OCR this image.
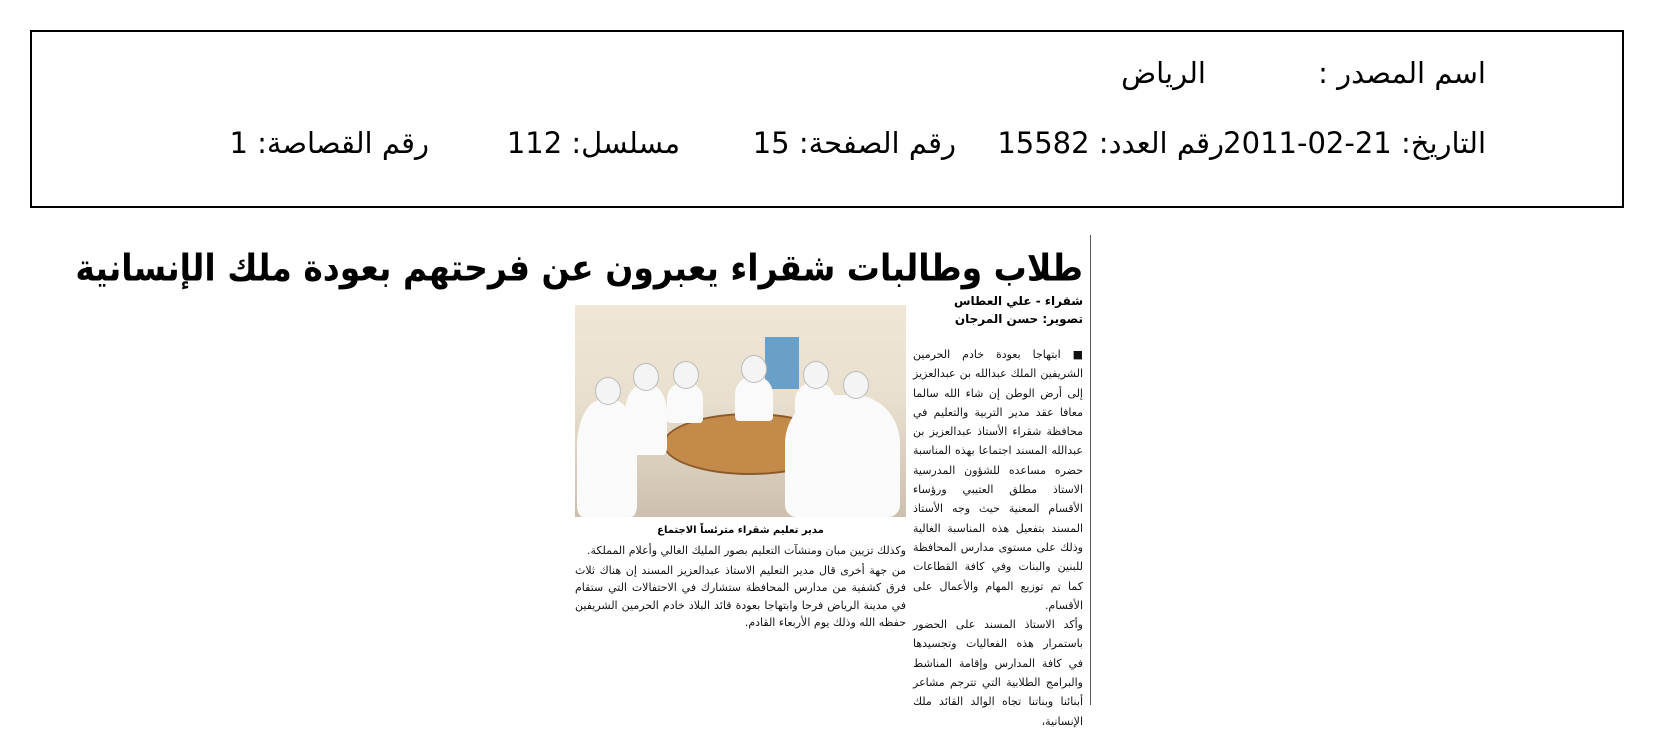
اسم المصدر :
الرياض
التاريخ: 21-02-2011
رقم العدد: 15582
رقم الصفحة: 15
مسلسل: 112
رقم القصاصة: 1
طلاب وطالبات شقراء يعبرون عن فرحتهم بعودة ملك الإنسانية
شقراء - علي العطاس
تصوير: حسن المرجان

■ ابتهاجا بعودة خادم الحرمين الشريفين الملك عبدالله بن عبدالعزيز إلى أرض الوطن إن شاء الله سالما معافا عقد مدير التربية والتعليم في محافظة شقراء الأستاذ عبدالعزيز بن عبدالله المسند اجتماعا بهذه المناسبة حضره مساعده للشؤون المدرسية الاستاذ مطلق العتيبي ورؤساء الأقسام المعنية حيث وجه الأستاذ المسند بتفعيل هذه المناسبة الغالية وذلك على مستوى مدارس المحافظة للبنين والبنات وفي كافة القطاعات كما تم توزيع المهام والأعمال على الأقسام.

وأكد الاستاذ المسند على الحضور باستمرار هذه الفعاليات وتجسيدها في كافة المدارس وإقامة المناشط والبرامج الطلابية التي تترجم مشاعر أبنائنا وبناتنا تجاه الوالد القائد ملك الإنسانية،

مدير تعليم شقراء مترئساً الاجتماع

وكذلك تزيين مبان ومنشآت التعليم بصور المليك الغالي وأعلام المملكة.

من جهة أخرى قال مدير التعليم الاستاذ عبدالعزيز المسند إن هناك ثلاث فرق كشفية من مدارس المحافظة ستشارك في الاحتفالات التي ستقام في مدينة الرياض فرحا وابتهاجا بعودة قائد البلاد خادم الحرمين الشريفين حفظه الله وذلك يوم الأربعاء القادم.
